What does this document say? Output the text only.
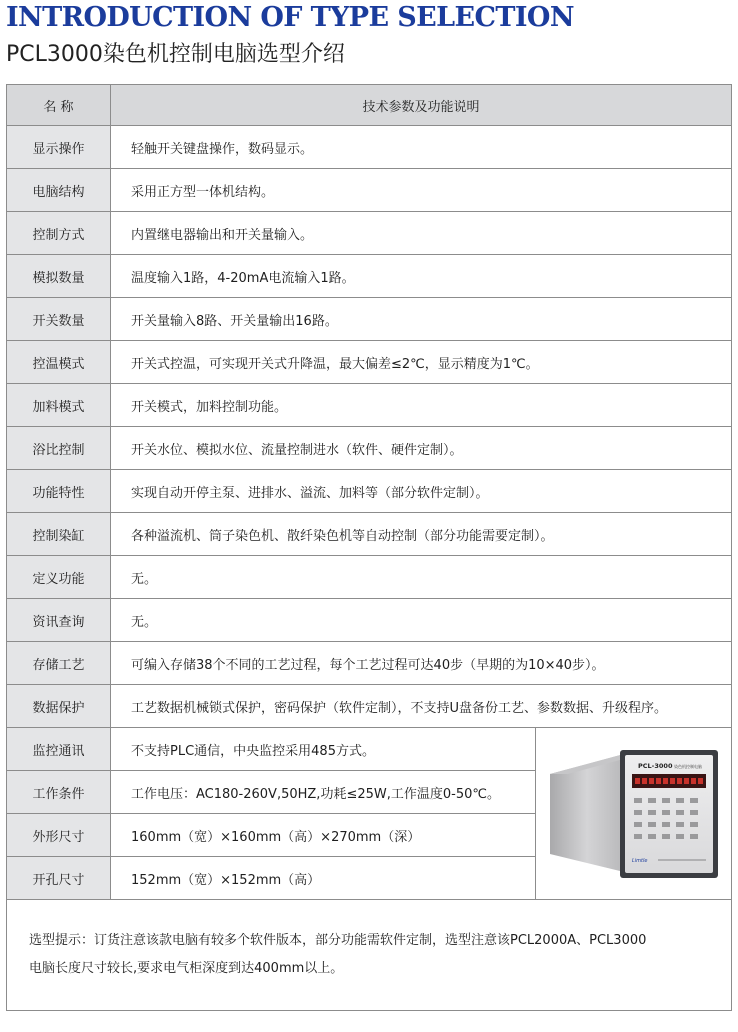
INTRODUCTION OF TYPE SELECTION
PCL3000染色机控制电脑选型介绍
名 称	技术参数及功能说明	
显示操作	轻触开关键盘操作，数码显示。	
电脑结构	采用正方型一体机结构。	
控制方式	内置继电器输出和开关量输入。	
模拟数量	温度输入1路，4-20mA电流输入1路。	
开关数量	开关量输入8路、开关量输出16路。	
控温模式	开关式控温，可实现开关式升降温，最大偏差≤2℃，显示精度为1℃。	
加料模式	开关模式，加料控制功能。	
浴比控制	开关水位、模拟水位、流量控制进水（软件、硬件定制）。	
功能特性	实现自动开停主泵、进排水、溢流、加料等（部分软件定制）。	
控制染缸	各种溢流机、筒子染色机、散纤染色机等自动控制（部分功能需要定制）。	
定义功能	无。	
资讯查询	无。	
存储工艺	可编入存储38个不同的工艺过程，每个工艺过程可达40步（早期的为10×40步）。	
数据保护	工艺数据机械锁式保护，密码保护（软件定制），不支持U盘备份工艺、参数数据、升级程序。	
监控通讯	不支持PLC通信，中央监控采用485方式。	PCL-3000 染色机控制电脑
Limtle

工作条件	工作电压：AC180-260V,50HZ,功耗≤25W,工作温度0-50℃。	
外形尺寸	160mm（宽）×160mm（高）×270mm（深）	
开孔尺寸	152mm（宽）×152mm（高）	

选型提示：订货注意该款电脑有较多个软件版本，部分功能需软件定制，选型注意该PCL2000A、PCL3000
电脑长度尺寸较长,要求电气柜深度到达400mm以上。		
